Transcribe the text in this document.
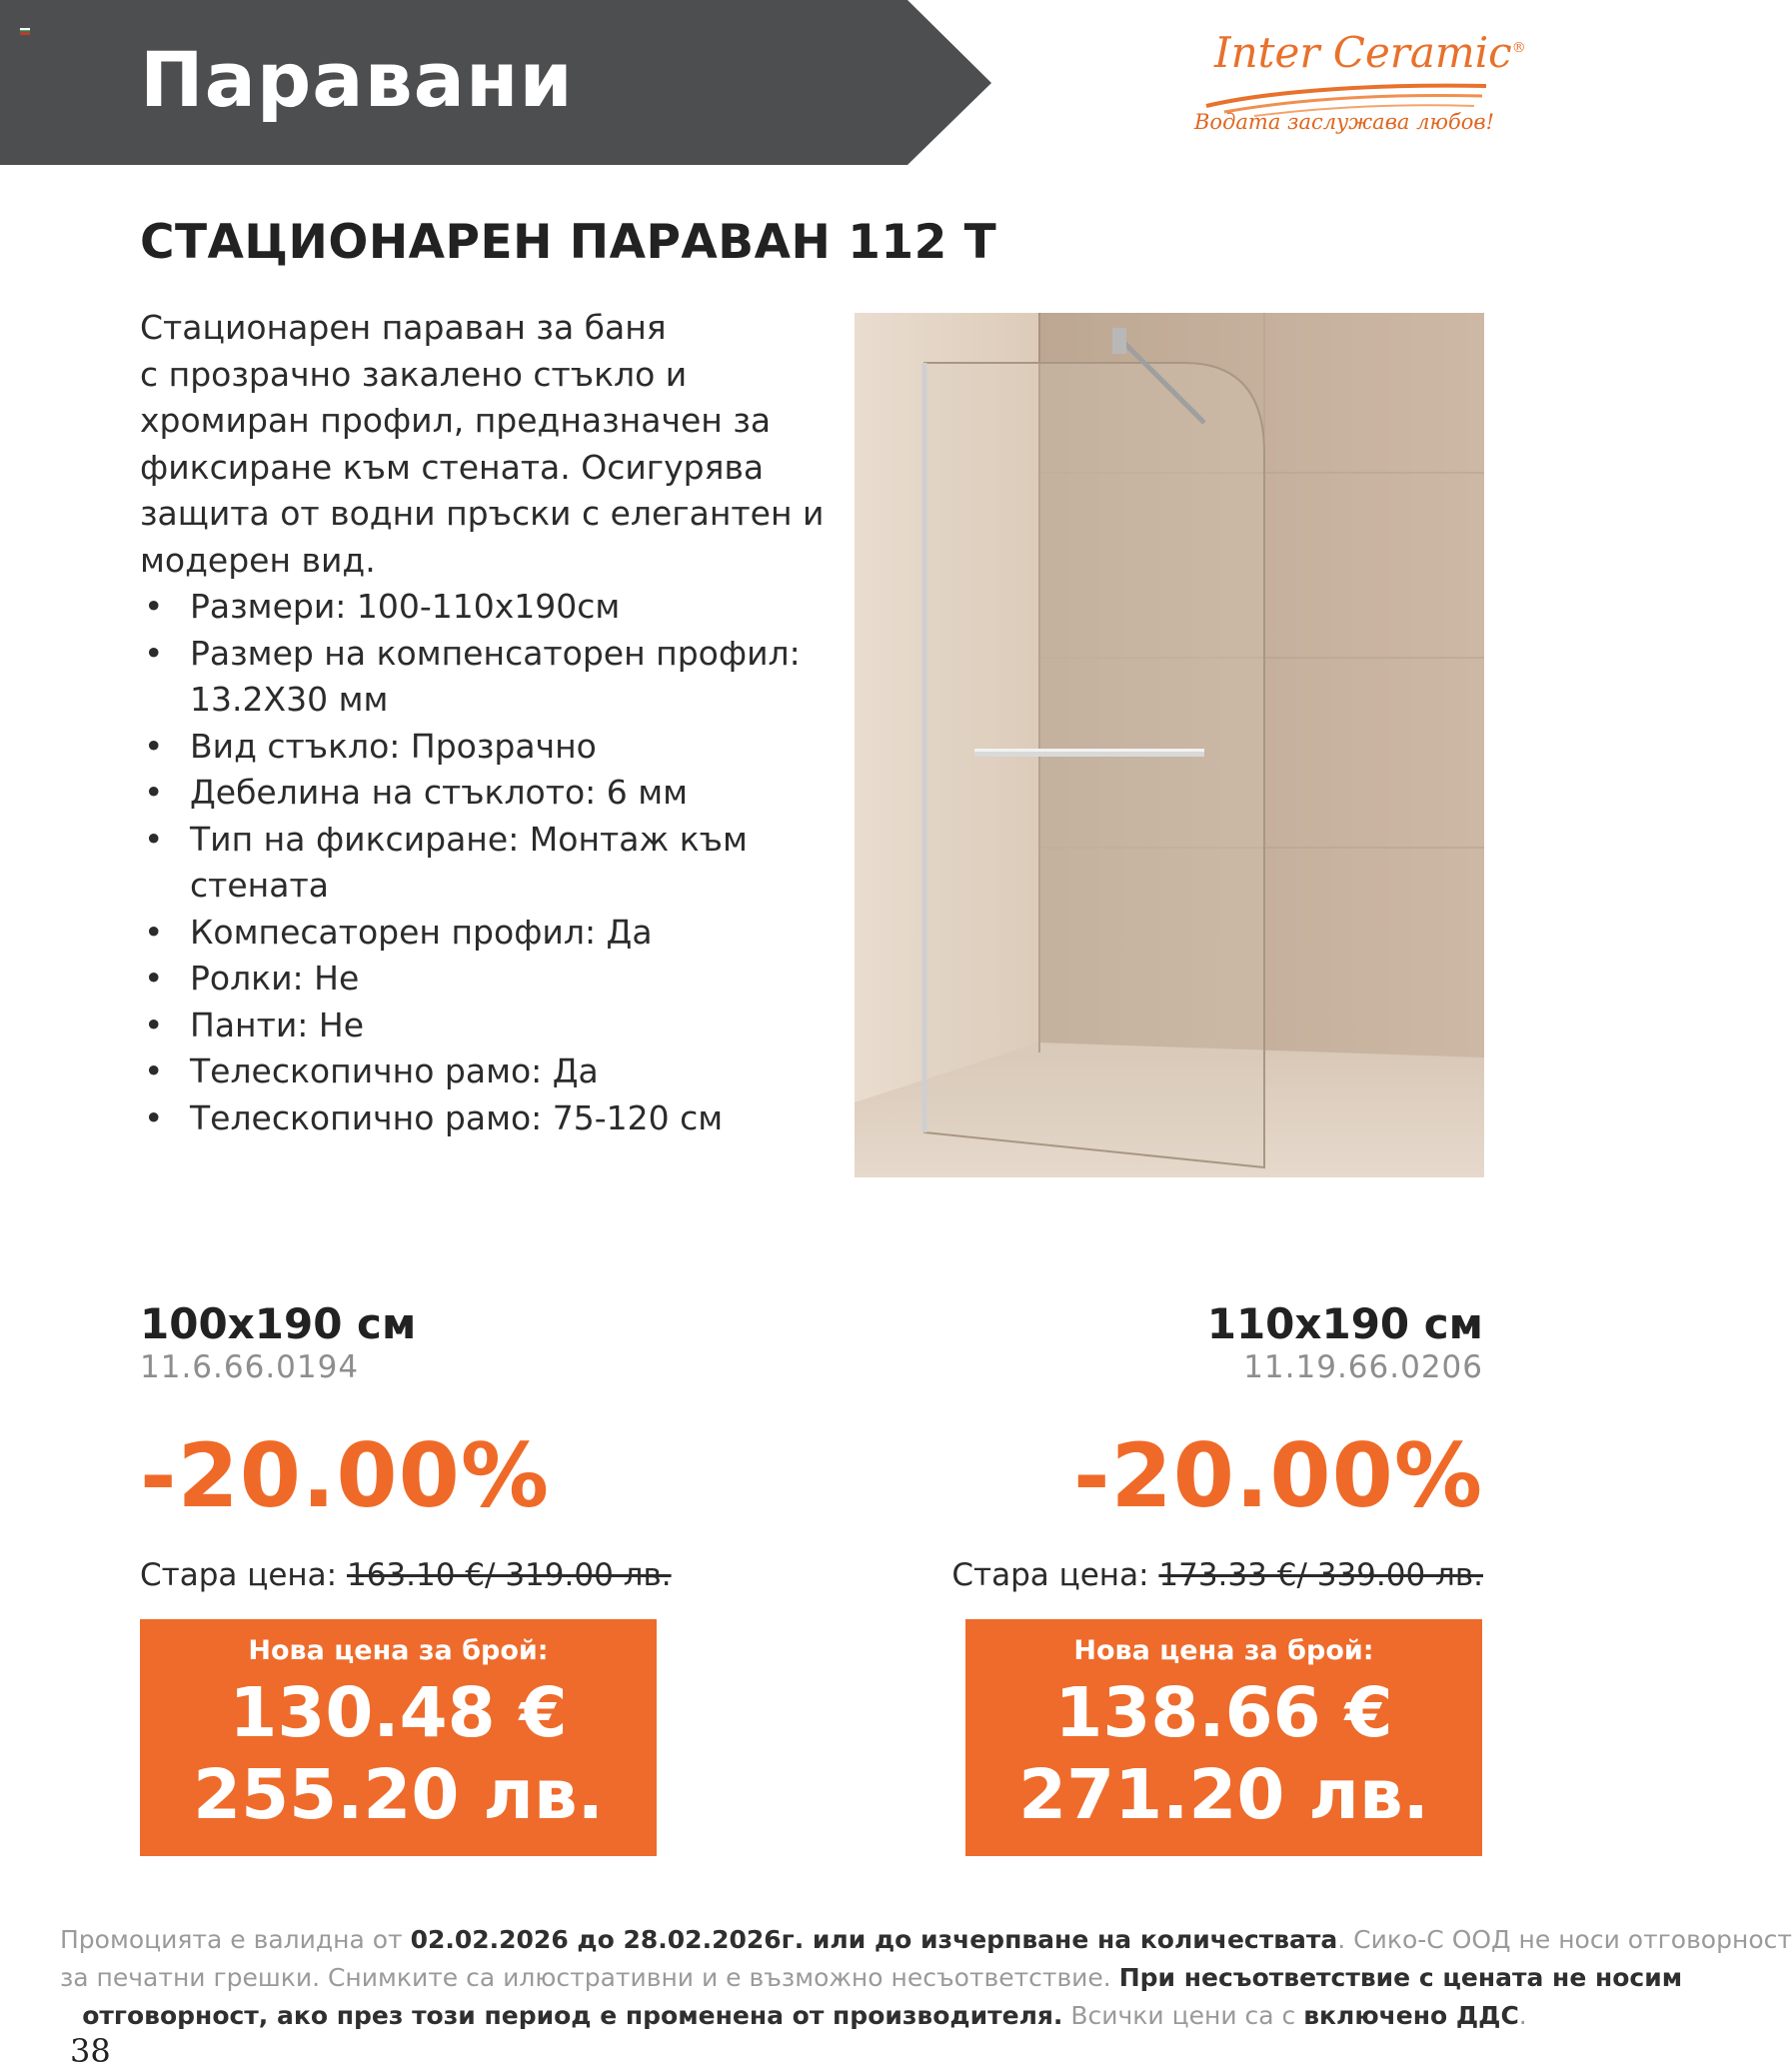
Паравани	Inter Ceramic®
Водата заслужава любов!
СТАЦИОНАРЕН ПАРАВАН 112 Т

Стационарен параван за баня

с прозрачно закалено стъкло и

хромиран профил, предназначен за

фиксиране към стената. Осигурява

защита от водни пръски с елегантен и

модерен вид.

• Размери: 100-110x190см
• Размер на компенсаторен профил:
13.2X30 мм
• Вид стъкло: Прозрачно
• Дебелина на стъклото: 6 мм
• Тип на фиксиране: Монтаж към
стената
• Компесаторен профил: Да
• Ролки: Не
• Панти: Не
• Телескопично рамо: Да
• Телескопично рамо: 75-120 см
100x190 см
11.6.66.0194
-20.00%
Стара цена: 163.10 €/ 319.00 лв.
Нова цена за брой:
130.48 €
255.20 лв.
110x190 см
11.19.66.0206
-20.00%
Стара цена: 173.33 €/ 339.00 лв.
Нова цена за брой:
138.66 €
271.20 лв.
Промоцията е валидна от 02.02.2026 до 28.02.2026г. или до изчерпване на количествата. Сико-С ООД не носи отговорност
за печатни грешки. Снимките са илюстративни и е възможно несъответствие. При несъответствие с цената не носим
отговорност, ако през този период е променена от производителя. Всички цени са с включено ДДС.
38
